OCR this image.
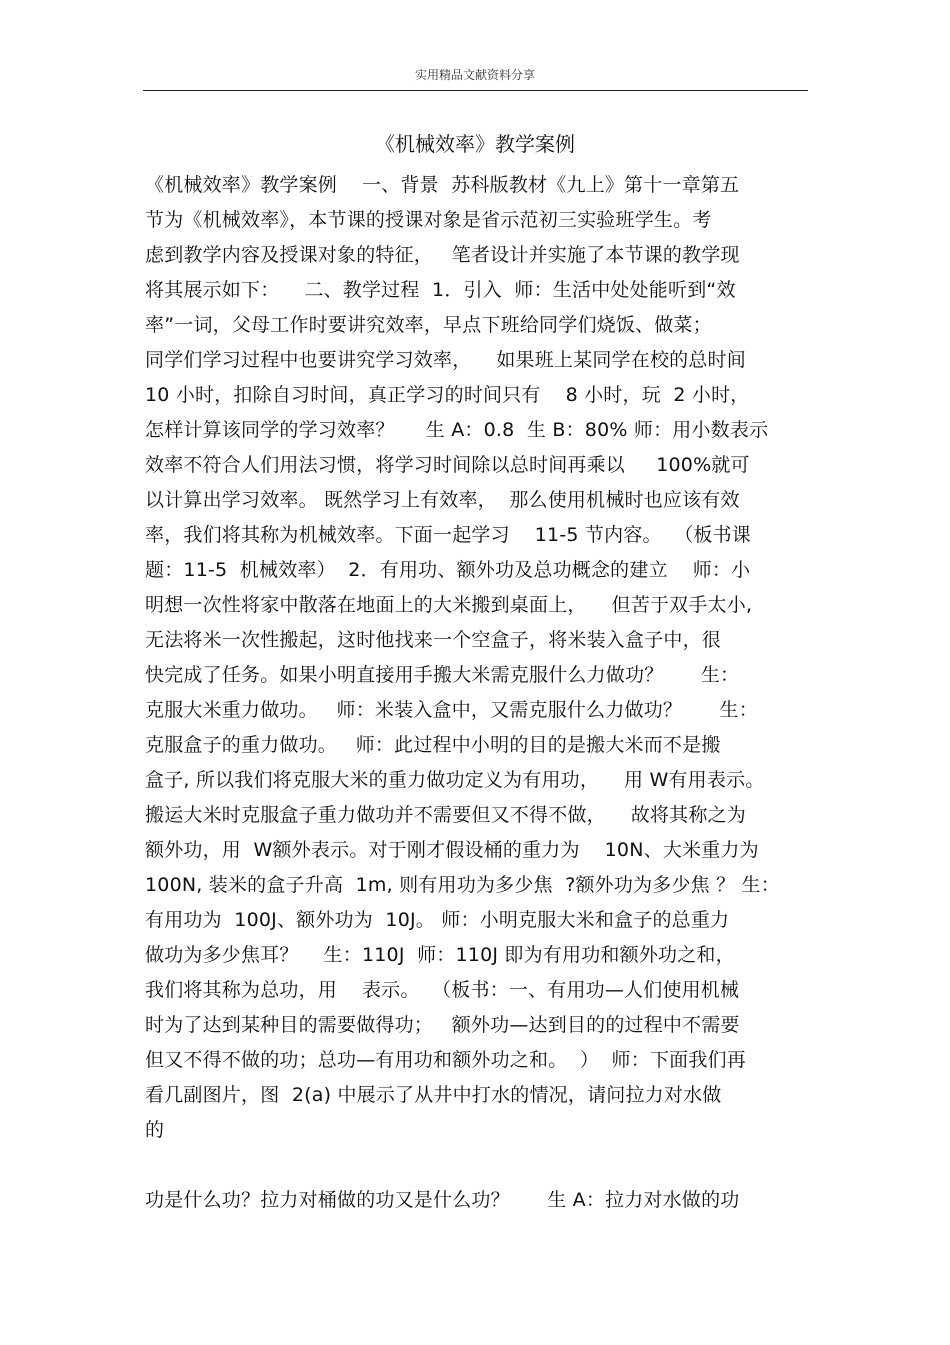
实用精品文献资料分享
《机械效率》教学案例
《机械效率》教学案例    一、背景  苏科版教材《九上》第十一章第五
节为《机械效率》，本节课的授课对象是省示范初三实验班学生。考
虑到教学内容及授课对象的特征，   笔者设计并实施了本节课的教学现
将其展示如下：    二、教学过程  1．引入  师：生活中处处能听到“效
率”一词，父母工作时要讲究效率，早点下班给同学们烧饭、做菜；
同学们学习过程中也要讲究学习效率，    如果班上某同学在校的总时间
10 小时，扣除自习时间，真正学习的时间只有    8 小时，玩  2 小时，
怎样计算该同学的学习效率？     生 A：0.8  生 B：80% 师：用小数表示
效率不符合人们用法习惯，将学习时间除以总时间再乘以     100%就可
以计算出学习效率。 既然学习上有效率，  那么使用机械时也应该有效
率，我们将其称为机械效率。下面一起学习    11-5 节内容。  （板书课
题：11-5  机械效率）  2．有用功、额外功及总功概念的建立    师：小
明想一次性将家中散落在地面上的大米搬到桌面上，    但苦于双手太小,
无法将米一次性搬起，这时他找来一个空盒子，将米装入盒子中，很
快完成了任务。如果小明直接用手搬大米需克服什么力做功？      生：
克服大米重力做功。   师：米装入盒中，又需克服什么力做功？      生：
克服盒子的重力做功。   师：此过程中小明的目的是搬大米而不是搬
盒子, 所以我们将克服大米的重力做功定义为有用功，    用 W有用表示。
搬运大米时克服盒子重力做功并不需要但又不得不做，    故将其称之为
额外功，用  W额外表示。对于刚才假设桶的重力为    10N、大米重力为
100N, 装米的盒子升高  1m, 则有用功为多少焦  ?额外功为多少焦 ？ 生：
有用功为  100J、额外功为  10J。 师：小明克服大米和盒子的总重力
做功为多少焦耳？    生：110J  师：110J 即为有用功和额外功之和，
我们将其称为总功，用    表示。  （板书：一、有用功—人们使用机械
时为了达到某种目的需要做得功；   额外功—达到目的的过程中不需要
但又不得不做的功；总功—有用功和额外功之和。  ）  师：下面我们再
看几副图片，图  2(a) 中展示了从井中打水的情况，请问拉力对水做
的
功是什么功？拉力对桶做的功又是什么功？      生 A：拉力对水做的功
